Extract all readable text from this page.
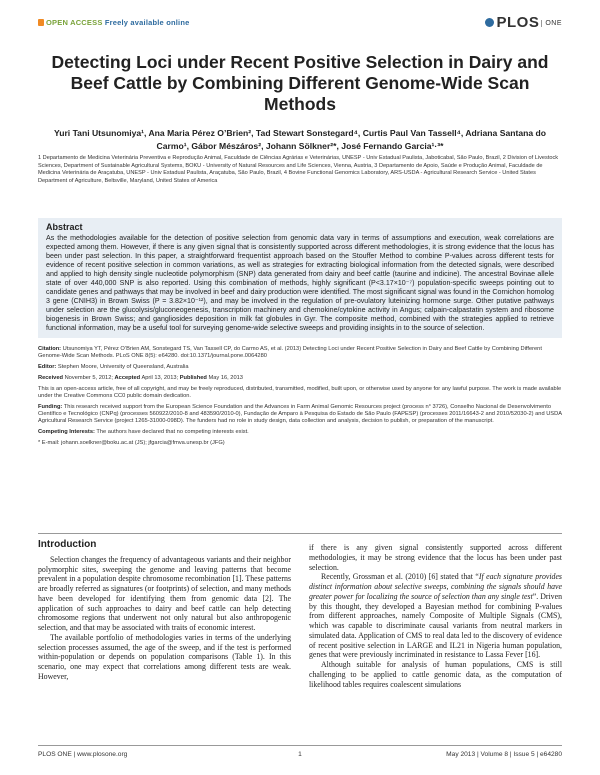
OPEN ACCESS Freely available online	PLOS ONE
Detecting Loci under Recent Positive Selection in Dairy and Beef Cattle by Combining Different Genome-Wide Scan Methods
Yuri Tani Utsunomiya¹, Ana Maria Pérez O’Brien², Tad Stewart Sonstegard⁴, Curtis Paul Van Tassell⁴, Adriana Santana do Carmo¹, Gábor Mészáros², Johann Sölkner²*, José Fernando Garcia¹·³*
1 Departamento de Medicina Veterinária Preventiva e Reprodução Animal, Faculdade de Ciências Agrárias e Veterinárias, UNESP - Univ Estadual Paulista, Jaboticabal, São Paulo, Brazil, 2 Division of Livestock Sciences, Department of Sustainable Agricultural Systems, BOKU - University of Natural Resources and Life Sciences, Vienna, Austria, 3 Departamento de Apoio, Saúde e Produção Animal, Faculdade de Medicina Veterinária de Araçatuba, UNESP - Univ Estadual Paulista, Araçatuba, São Paulo, Brazil, 4 Bovine Functional Genomics Laboratory, ARS-USDA - Agricultural Research Service - United States Department of Agriculture, Beltsville, Maryland, United States of America
Abstract

As the methodologies available for the detection of positive selection from genomic data vary in terms of assumptions and execution, weak correlations are expected among them. However, if there is any given signal that is consistently supported across different methodologies, it is strong evidence that the locus has been under past selection. In this paper, a straightforward frequentist approach based on the Stouffer Method to combine P-values across different tests for evidence of recent positive selection in common variations, as well as strategies for extracting biological information from the detected signals, were described and applied to high density single nucleotide polymorphism (SNP) data generated from dairy and beef cattle (taurine and indicine). The ancestral Bovinae allele state of over 440,000 SNP is also reported. Using this combination of methods, highly significant (P<3.17×10⁻⁷) population-specific sweeps pointing out to candidate genes and pathways that may be involved in beef and dairy production were identified. The most significant signal was found in the Cornichon homolog 3 gene (CNIH3) in Brown Swiss (P = 3.82×10⁻¹²), and may be involved in the regulation of pre-ovulatory luteinizing hormone surge. Other putative pathways under selection are the glucolysis/gluconeogenesis, transcription machinery and chemokine/cytokine activity in Angus; calpain-calpastatin system and ribosome biogenesis in Brown Swiss; and gangliosides deposition in milk fat globules in Gyr. The composite method, combined with the strategies applied to retrieve functional information, may be a useful tool for surveying genome-wide selective sweeps and providing insights in to the source of selection.

Citation: Utsunomiya YT, Pérez O’Brien AM, Sonstegard TS, Van Tassell CP, do Carmo AS, et al. (2013) Detecting Loci under Recent Positive Selection in Dairy and Beef Cattle by Combining Different Genome-Wide Scan Methods. PLoS ONE 8(5): e64280. doi:10.1371/journal.pone.0064280

Editor: Stephen Moore, University of Queensland, Australia

Received November 5, 2012; Accepted April 13, 2013; Published May 16, 2013

This is an open-access article, free of all copyright, and may be freely reproduced, distributed, transmitted, modified, built upon, or otherwise used by anyone for any lawful purpose. The work is made available under the Creative Commons CC0 public domain dedication.

Funding: This research received support from the European Science Foundation and the Advances in Farm Animal Genomic Resources project (process n° 3726), Conselho Nacional de Desenvolvimento Científico e Tecnológico (CNPq) (processes 560922/2010-8 and 483590/2010-0), Fundação de Amparo à Pesquisa do Estado de São Paulo (FAPESP) (processes 2011/16643-2 and 2010/52030-2) and USDA Agricultural Research Service (project 1265-31000-098D). The funders had no role in study design, data collection and analysis, decision to publish, or preparation of the manuscript.

Competing Interests: The authors have declared that no competing interests exist.

* E-mail: johann.soelkner@boku.ac.at (JS); jfgarcia@fmva.unesp.br (JFG)

Introduction

Selection changes the frequency of advantageous variants and their neighbor polymorphic sites, sweeping the genome and leaving patterns that become prevalent in a population despite chromosome recombination [1]. These patterns are broadly referred as signatures (or footprints) of selection, and many methods have been developed for identifying them from genomic data [2]. The application of such approaches to dairy and beef cattle can help detecting chromosome regions that underwent not only natural but also anthropogenic selection, and that may be associated with traits of economic interest.

The available portfolio of methodologies varies in terms of the underlying selection processes assumed, the age of the sweep, and if the test is performed within-population or depends on population comparisons (Table 1). In this scenario, one may expect that correlations among different tests are weak. However,

if there is any given signal consistently supported across different methodologies, it may be strong evidence that the locus has been under past selection.

Recently, Grossman et al. (2010) [6] stated that “If each signature provides distinct information about selective sweeps, combining the signals should have greater power for localizing the source of selection than any single test”. Driven by this thought, they developed a Bayesian method for combining P-values from different approaches, namely Composite of Multiple Signals (CMS), which was capable to discriminate causal variants from neutral markers in simulated data. Application of CMS to real data led to the discovery of evidence of recent positive selection in LARGE and IL21 in Nigeria human population, genes that were previously incriminated in resistance to Lassa Fever [16].

Although suitable for analysis of human populations, CMS is still challenging to be applied to cattle genomic data, as the computation of likelihood tables requires coalescent simulations

PLOS ONE | www.plosone.org	1	May 2013 | Volume 8 | Issue 5 | e64280
